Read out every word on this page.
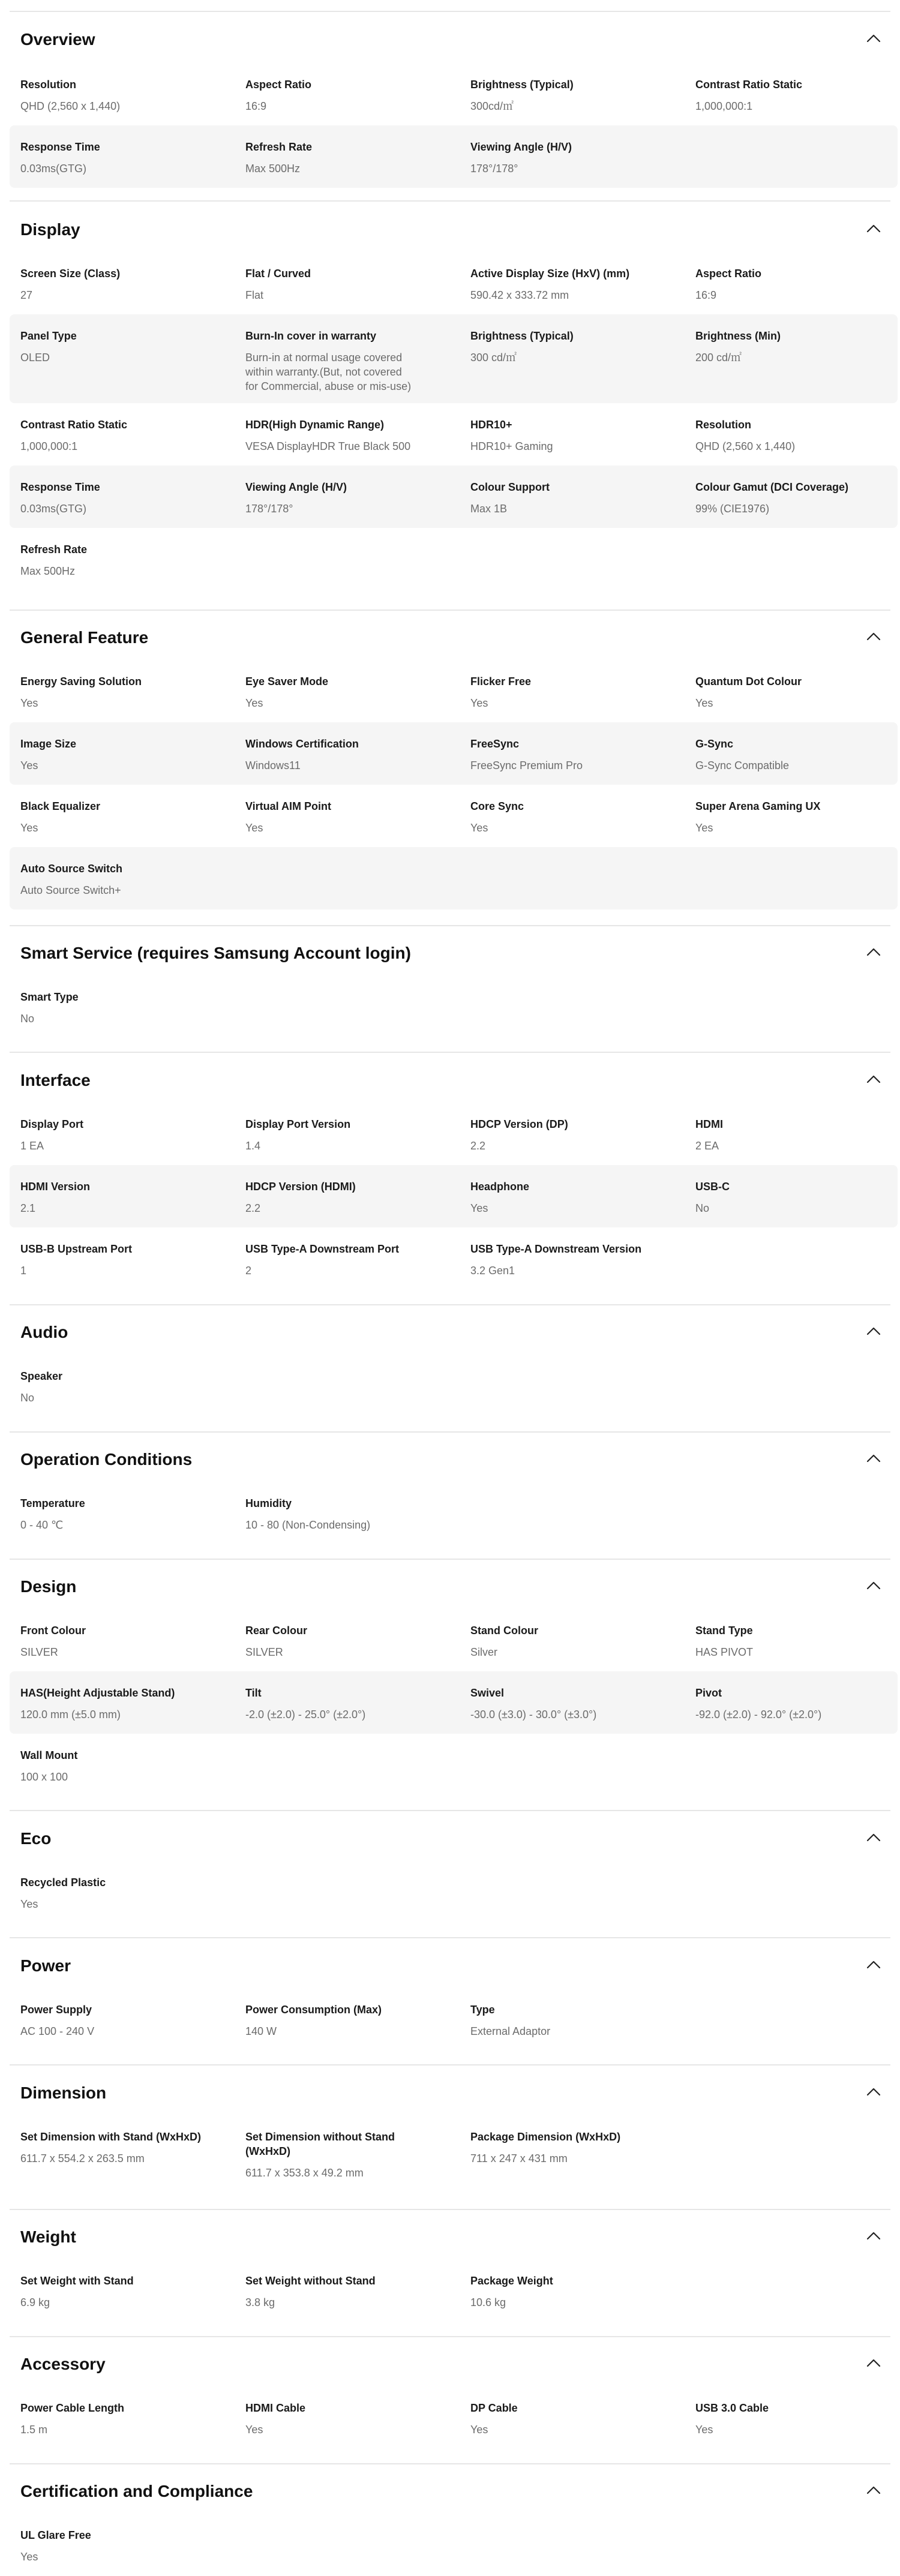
Overview
Resolution
QHD (2,560 x 1,440)
Aspect Ratio
16:9
Brightness (Typical)
300cd/㎡
Contrast Ratio Static
1,000,000:1
Response Time
0.03ms(GTG)
Refresh Rate
Max 500Hz
Viewing Angle (H/V)
178°/178°
Display
Screen Size (Class)
27
Flat / Curved
Flat
Active Display Size (HxV) (mm)
590.42 x 333.72 mm
Aspect Ratio
16:9
Panel Type
OLED
Burn-In cover in warranty
Burn-in at normal usage covered
within warranty.(But, not covered
for Commercial, abuse or mis-use)
Brightness (Typical)
300 cd/㎡
Brightness (Min)
200 cd/㎡
Contrast Ratio Static
1,000,000:1
HDR(High Dynamic Range)
VESA DisplayHDR True Black 500
HDR10+
HDR10+ Gaming
Resolution
QHD (2,560 x 1,440)
Response Time
0.03ms(GTG)
Viewing Angle (H/V)
178°/178°
Colour Support
Max 1B
Colour Gamut (DCI Coverage)
99% (CIE1976)
Refresh Rate
Max 500Hz
General Feature
Energy Saving Solution
Yes
Eye Saver Mode
Yes
Flicker Free
Yes
Quantum Dot Colour
Yes
Image Size
Yes
Windows Certification
Windows11
FreeSync
FreeSync Premium Pro
G-Sync
G-Sync Compatible
Black Equalizer
Yes
Virtual AIM Point
Yes
Core Sync
Yes
Super Arena Gaming UX
Yes
Auto Source Switch
Auto Source Switch+
Smart Service (requires Samsung Account login)
Smart Type
No
Interface
Display Port
1 EA
Display Port Version
1.4
HDCP Version (DP)
2.2
HDMI
2 EA
HDMI Version
2.1
HDCP Version (HDMI)
2.2
Headphone
Yes
USB-C
No
USB-B Upstream Port
1
USB Type-A Downstream Port
2
USB Type-A Downstream Version
3.2 Gen1
Audio
Speaker
No
Operation Conditions
Temperature
0 - 40 ℃
Humidity
10 - 80 (Non-Condensing)
Design
Front Colour
SILVER
Rear Colour
SILVER
Stand Colour
Silver
Stand Type
HAS PIVOT
HAS(Height Adjustable Stand)
120.0 mm (±5.0 mm)
Tilt
-2.0 (±2.0) - 25.0° (±2.0°)
Swivel
-30.0 (±3.0) - 30.0° (±3.0°)
Pivot
-92.0 (±2.0) - 92.0° (±2.0°)
Wall Mount
100 x 100
Eco
Recycled Plastic
Yes
Power
Power Supply
AC 100 - 240 V
Power Consumption (Max)
140 W
Type
External Adaptor
Dimension
Set Dimension with Stand (WxHxD)
611.7 x 554.2 x 263.5 mm
Set Dimension without Stand
(WxHxD)
611.7 x 353.8 x 49.2 mm
Package Dimension (WxHxD)
711 x 247 x 431 mm
Weight
Set Weight with Stand
6.9 kg
Set Weight without Stand
3.8 kg
Package Weight
10.6 kg
Accessory
Power Cable Length
1.5 m
HDMI Cable
Yes
DP Cable
Yes
USB 3.0 Cable
Yes
Certification and Compliance
UL Glare Free
Yes
